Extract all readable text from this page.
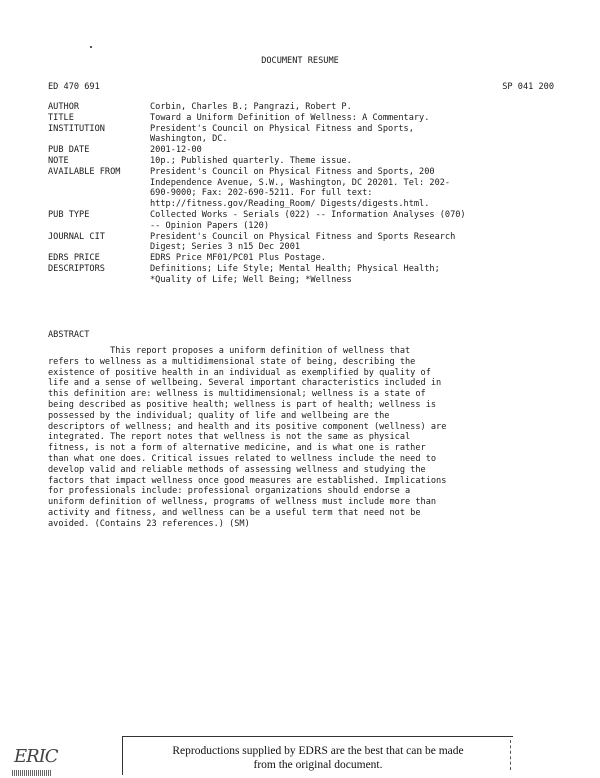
DOCUMENT RESUME
ED 470 691	SP 041 200
AUTHOR	Corbin, Charles B.; Pangrazi, Robert P.
TITLE	Toward a Uniform Definition of Wellness: A Commentary.
INSTITUTION	President's Council on Physical Fitness and Sports,
Washington, DC.
PUB DATE	2001-12-00
NOTE	10p.; Published quarterly. Theme issue.
AVAILABLE FROM	President's Council on Physical Fitness and Sports, 200
Independence Avenue, S.W., Washington, DC 20201. Tel: 202-
690-9000; Fax: 202-690-5211. For full text:
http://fitness.gov/Reading_Room/ Digests/digests.html.
PUB TYPE	Collected Works - Serials (022) -- Information Analyses (070)
-- Opinion Papers (120)
JOURNAL CIT	President's Council on Physical Fitness and Sports Research
Digest; Series 3 n15 Dec 2001
EDRS PRICE	EDRS Price MF01/PC01 Plus Postage.
DESCRIPTORS	Definitions; Life Style; Mental Health; Physical Health;
*Quality of Life; Well Being; *Wellness
ABSTRACT
This report proposes a uniform definition of wellness that
refers to wellness as a multidimensional state of being, describing the
existence of positive health in an individual as exemplified by quality of
life and a sense of wellbeing. Several important characteristics included in
this definition are: wellness is multidimensional; wellness is a state of
being described as positive health; wellness is part of health; wellness is
possessed by the individual; quality of life and wellbeing are the
descriptors of wellness; and health and its positive component (wellness) are
integrated. The report notes that wellness is not the same as physical
fitness, is not a form of alternative medicine, and is what one is rather
than what one does. Critical issues related to wellness include the need to
develop valid and reliable methods of assessing wellness and studying the
factors that impact wellness once good measures are established. Implications
for professionals include: professional organizations should endorse a
uniform definition of wellness, programs of wellness must include more than
activity and fitness, and wellness can be a useful term that need not be
avoided. (Contains 23 references.) (SM)
ERIC	Reproductions supplied by EDRS are the best that can be made
from the original document.
